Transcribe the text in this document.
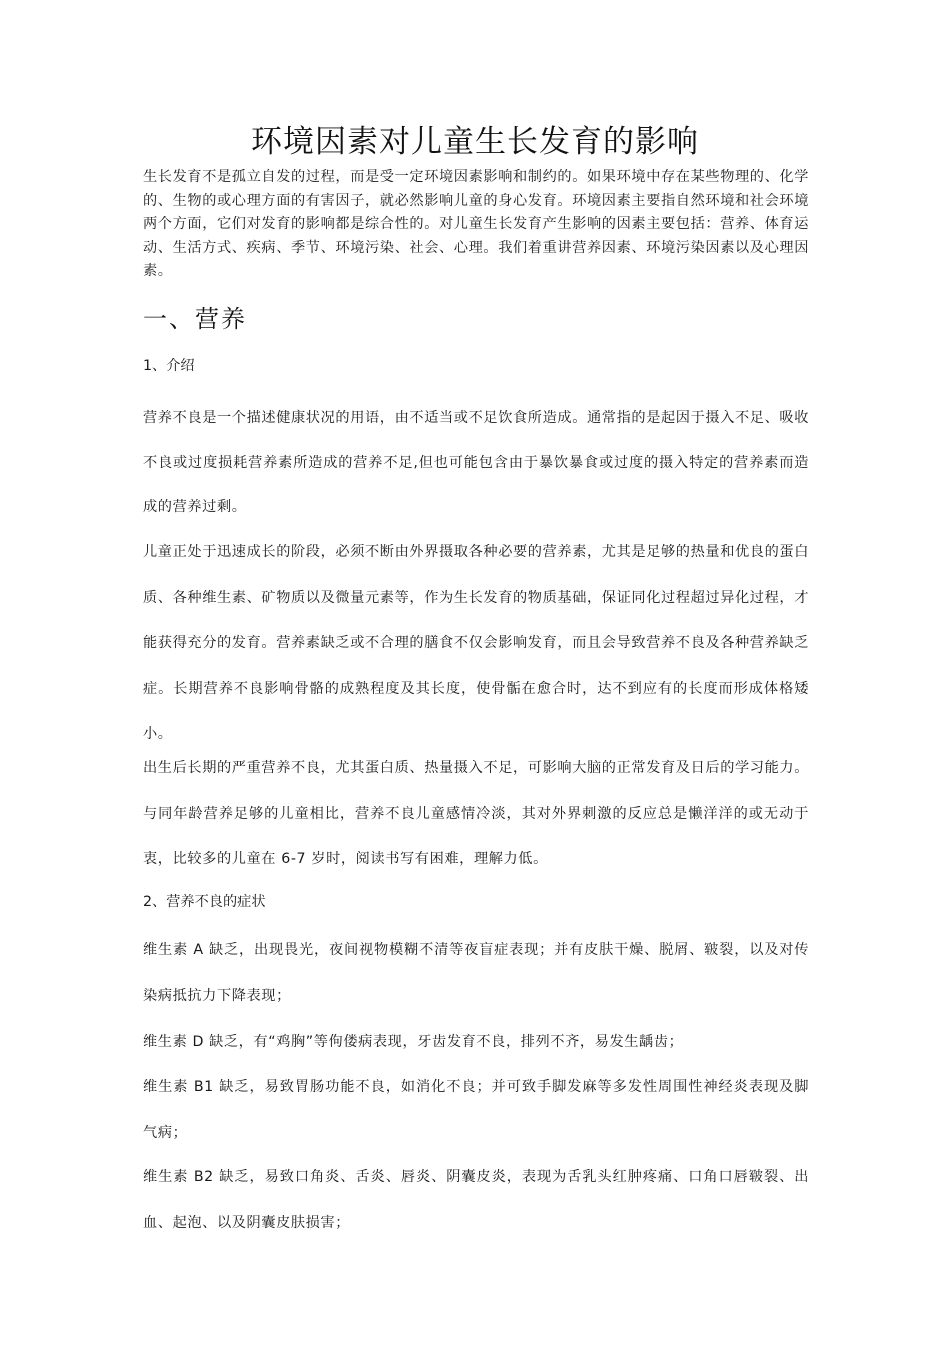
环境因素对儿童生长发育的影响
生长发育不是孤立自发的过程，而是受一定环境因素影响和制约的。如果环境中存在某些物理的、化学的、生物的或心理方面的有害因子，就必然影响儿童的身心发育。环境因素主要指自然环境和社会环境两个方面，它们对发育的影响都是综合性的。对儿童生长发育产生影响的因素主要包括：营养、体育运动、生活方式、疾病、季节、环境污染、社会、心理。我们着重讲营养因素、环境污染因素以及心理因素。
一、营养
1、介绍

营养不良是一个描述健康状况的用语，由不适当或不足饮食所造成。通常指的是起因于摄入不足、吸收不良或过度损耗营养素所造成的营养不足,但也可能包含由于暴饮暴食或过度的摄入特定的营养素而造成的营养过剩。

儿童正处于迅速成长的阶段，必须不断由外界摄取各种必要的营养素，尤其是足够的热量和优良的蛋白质、各种维生素、矿物质以及微量元素等，作为生长发育的物质基础，保证同化过程超过异化过程，才能获得充分的发育。营养素缺乏或不合理的膳食不仅会影响发育，而且会导致营养不良及各种营养缺乏症。长期营养不良影响骨骼的成熟程度及其长度，使骨骺在愈合时，达不到应有的长度而形成体格矮小。

出生后长期的严重营养不良，尤其蛋白质、热量摄入不足，可影响大脑的正常发育及日后的学习能力。与同年龄营养足够的儿童相比，营养不良儿童感情冷淡，其对外界刺激的反应总是懒洋洋的或无动于衷，比较多的儿童在 6-7 岁时，阅读书写有困难，理解力低。

2、营养不良的症状

维生素 A 缺乏，出现畏光，夜间视物模糊不清等夜盲症表现；并有皮肤干燥、脱屑、皲裂，以及对传染病抵抗力下降表现；

维生素 D 缺乏，有“鸡胸”等佝偻病表现，牙齿发育不良，排列不齐，易发生龋齿；

维生素 B1 缺乏，易致胃肠功能不良，如消化不良；并可致手脚发麻等多发性周围性神经炎表现及脚气病；

维生素 B2 缺乏，易致口角炎、舌炎、唇炎、阴囊皮炎，表现为舌乳头红肿疼痛、口角口唇皲裂、出血、起泡、以及阴囊皮肤损害；
